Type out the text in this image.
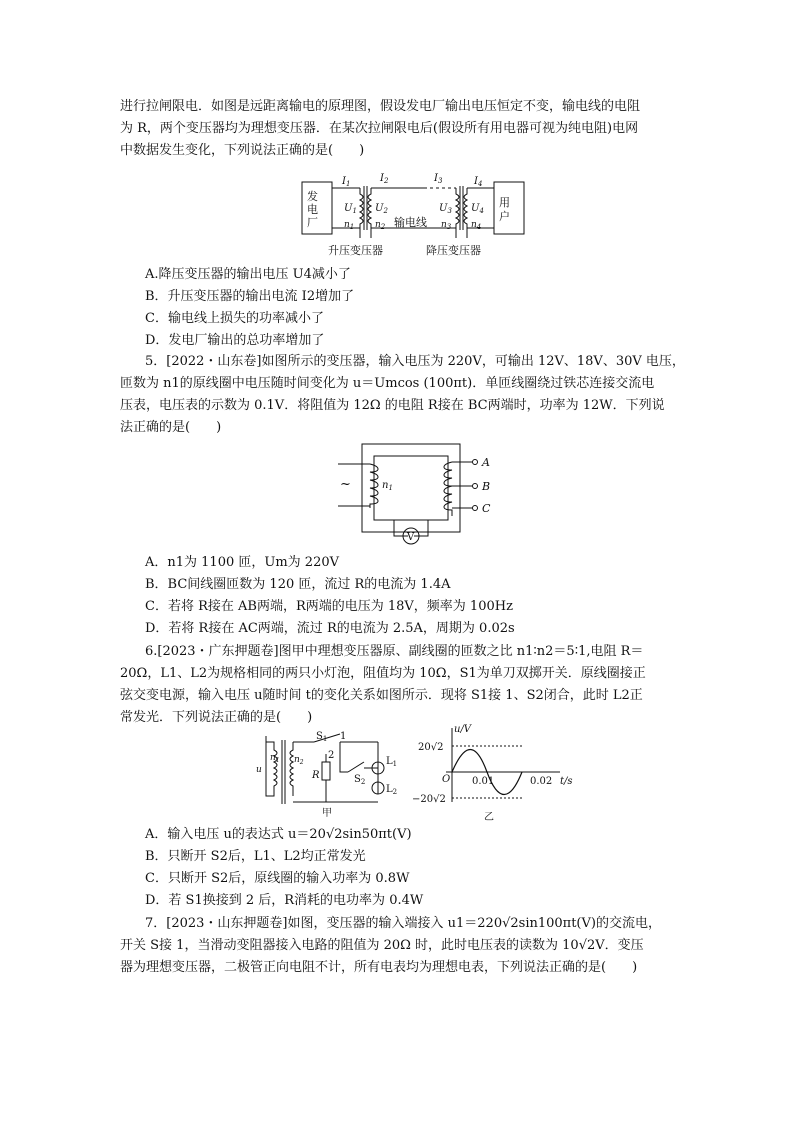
进行拉闸限电．如图是远距离输电的原理图，假设发电厂输出电压恒定不变，输电线的电阻
为 R，两个变压器均为理想变压器．在某次拉闸限电后(假设所有用电器可视为纯电阻)电网
中数据发生变化，下列说法正确的是(　　)
发
电
厂
用
户
$I_1$
$U_1$
$n_1$
$I_2$
$U_2$
$n_2$
$I_3$
$U_3$
$n_3$
$I_4$
$U_4$
$n_4$
输电线
升压变压器	降压变压器
A.降压变压器的输出电压 U4减小了
B．升压变压器的输出电流 I2增加了
C．输电线上损失的功率减小了
D．发电厂输出的总功率增加了
5．[2022・山东卷]如图所示的变压器，输入电压为 220V，可输出 12V、18V、30V 电压，
匝数为 n1的原线圈中电压随时间变化为 u＝Umcos (100πt)．单匝线圈绕过铁芯连接交流电
压表，电压表的示数为 0.1V．将阻值为 12Ω 的电阻 R接在 BC两端时，功率为 12W．下列说
法正确的是(　　)
~	$n_1$
A
B
C
V
A．n1为 1100 匝，Um为 220V
B．BC间线圈匝数为 120 匝，流过 R的电流为 1.4A
C．若将 R接在 AB两端，R两端的电压为 18V，频率为 100Hz
D．若将 R接在 AC两端，流过 R的电流为 2.5A，周期为 0.02s
6.[2023・广东押题卷]图甲中理想变压器原、副线圈的匝数之比 n1∶n2＝5∶1,电阻 R＝
20Ω，L1、L2为规格相同的两只小灯泡，阻值均为 10Ω，S1为单刀双掷开关．原线圈接正
弦交变电源，输入电压 u随时间 t的变化关系如图所示．现将 S1接 1、S2闭合，此时 L2正
常发光．下列说法正确的是(　　)
u
$n_1$ $n_2$
$S_1$ 1
2
R	$S_2$
$L_1$
$L_2$
甲
u/V
t/s
20√2
−20√2
O 0.01	0.02
乙
A．输入电压 u的表达式 u＝20√2sin50πt(V)
B．只断开 S2后，L1、L2均正常发光
C．只断开 S2后，原线圈的输入功率为 0.8W
D．若 S1换接到 2 后，R消耗的电功率为 0.4W
7．[2023・山东押题卷]如图，变压器的输入端接入 u1＝220√2sin100πt(V)的交流电，
开关 S接 1，当滑动变阻器接入电路的阻值为 20Ω 时，此时电压表的读数为 10√2V．变压
器为理想变压器，二极管正向电阻不计，所有电表均为理想电表，下列说法正确的是(　　)
